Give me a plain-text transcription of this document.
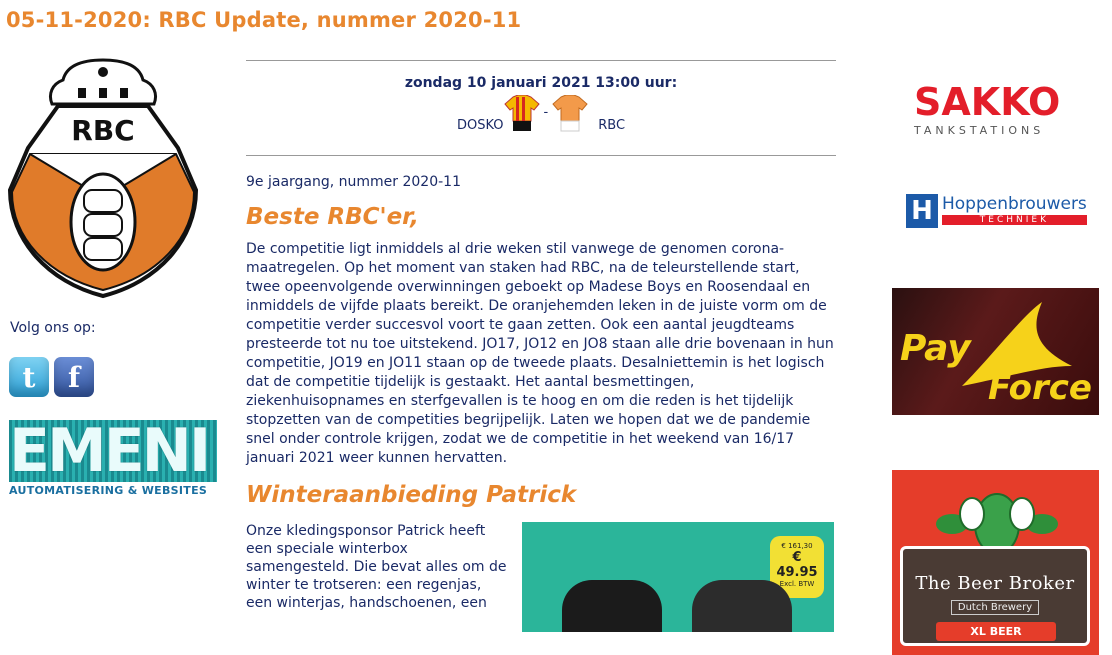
05-11-2020: RBC Update, nummer 2020-11
RBC
Volg ons op:
t f
EMENI
AUTOMATISERING & WEBSITES
zondag 10 januari 2021 13:00 uur:
DOSKO
-
RBC
9e jaargang, nummer 2020-11
Beste RBC'er,

De competitie ligt inmiddels al drie weken stil vanwege de genomen corona-maatregelen. Op het moment van staken had RBC, na de teleurstellende start, twee opeenvolgende overwinningen geboekt op Madese Boys en Roosendaal en inmiddels de vijfde plaats bereikt. De oranjehemden leken in de juiste vorm om de competitie verder succesvol voort te gaan zetten. Ook een aantal jeugdteams presteerde tot nu toe uitstekend. JO17, JO12 en JO8 staan alle drie bovenaan in hun competitie, JO19 en JO11 staan op de tweede plaats. Desalniettemin is het logisch dat de competitie tijdelijk is gestaakt. Het aantal besmettingen, ziekenhuisopnames en sterfgevallen is te hoog en om die reden is het tijdelijk stopzetten van de competities begrijpelijk. Laten we hopen dat we de pandemie snel onder controle krijgen, zodat we de competitie in het weekend van 16/17 januari 2021 weer kunnen hervatten.

Winteraanbieding Patrick
Onze kledingsponsor Patrick heeft een speciale winterbox samengesteld. Die bevat alles om de winter te trotseren: een regenjas, een winterjas, handschoenen, een
€ 161,30
€ 49.95
Excl. BTW
SAKKO
TANKSTATIONS
H Hoppenbrouwers
TECHNIEK
Pay
Force
The Beer Broker
Dutch Brewery
XL BEER
